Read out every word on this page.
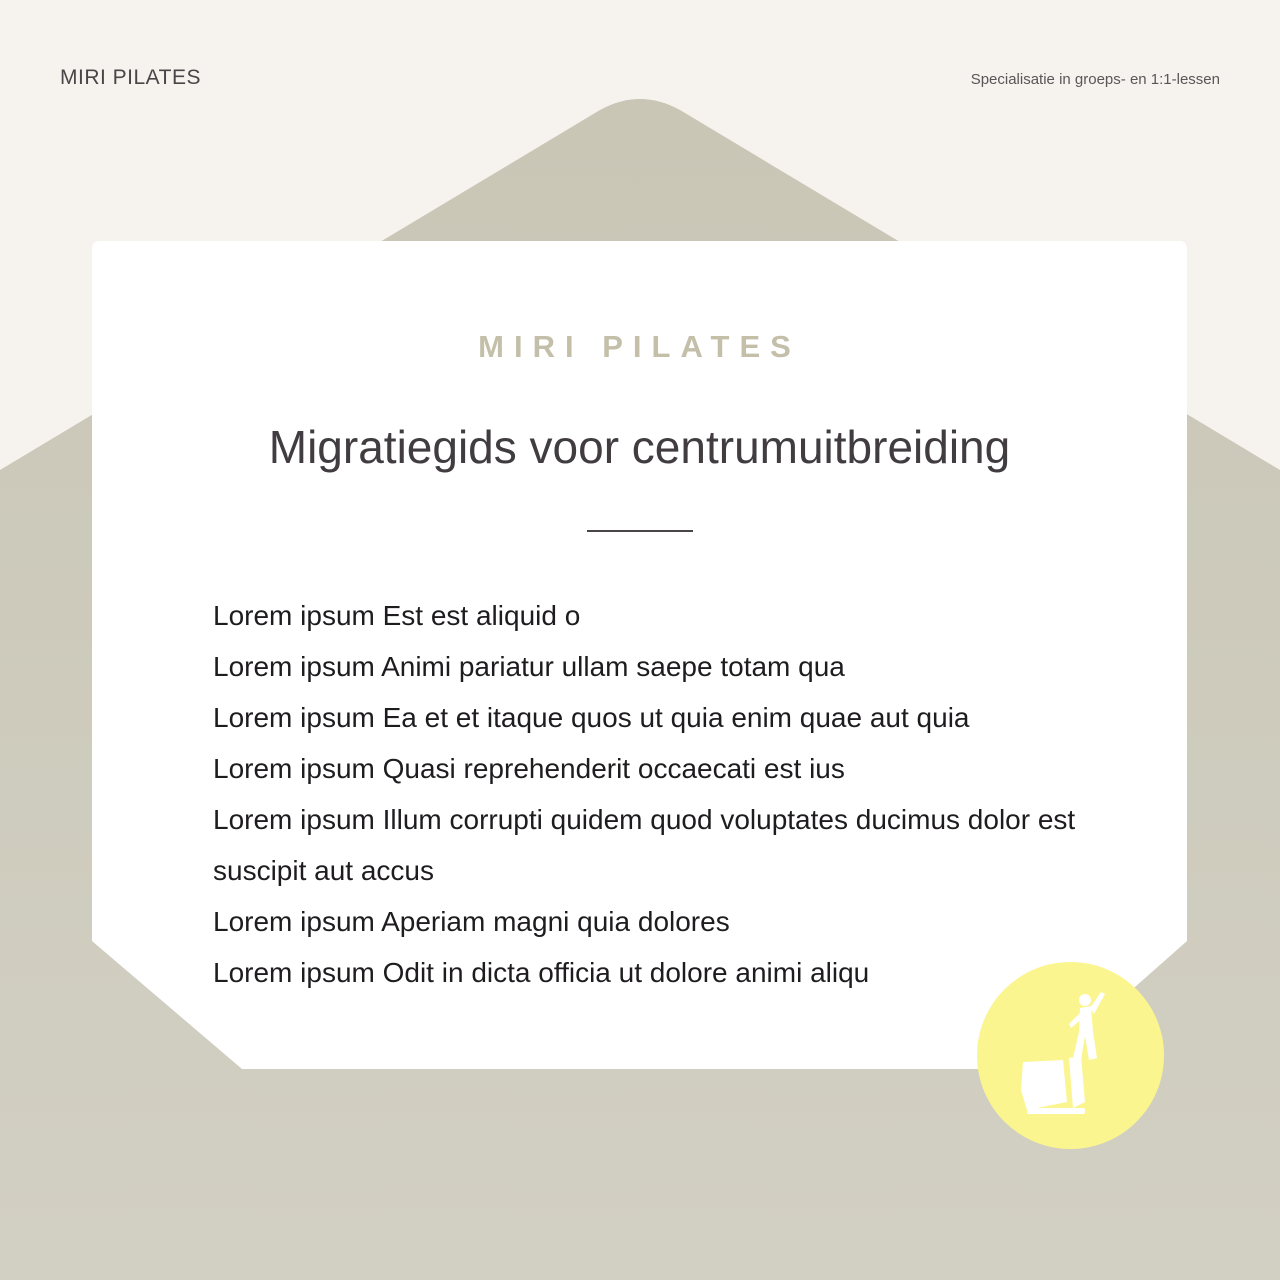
MIRI PILATES	Specialisatie in groeps- en 1:1-lessen
MIRI PILATES
Migratiegids voor centrumuitbreiding
Lorem ipsum Est est aliquid o
Lorem ipsum Animi pariatur ullam saepe totam qua
Lorem ipsum Ea et et itaque quos ut quia enim quae aut quia
Lorem ipsum Quasi reprehenderit occaecati est ius
Lorem ipsum Illum corrupti quidem quod voluptates ducimus dolor est suscipit aut accus
Lorem ipsum Aperiam magni quia dolores
Lorem ipsum Odit in dicta officia ut dolore animi aliqu
